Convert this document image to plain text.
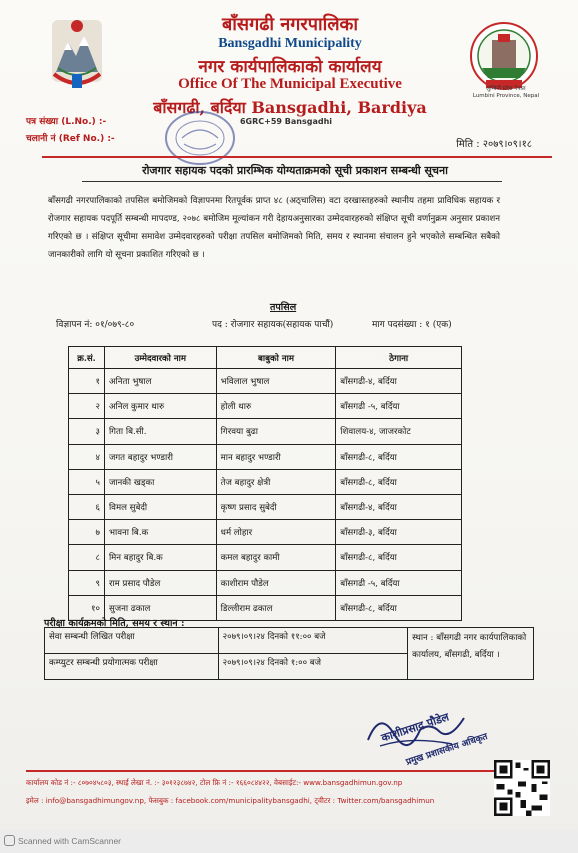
बाँसगढी नगरपालिका
Bansgadhi Municipality
नगर कार्यपालिकाको कार्यालय
Office Of The Municipal Executive
बाँसगढी, बर्दिया Bansgadhi, Bardiya
6GRC+59 Bansgadhi
लुम्बिनी प्रदेश नेपाल
Lumbini Province, Nepal
पत्र संख्या (L.No.) :-
चलानी नं (Ref No.) :-	मिति : २०७९।०९।१८
रोजगार सहायक पदको प्रारम्भिक योग्यताक्रमको सूची प्रकाशन सम्बन्धी सूचना
बाँसगढी नगरपालिकाको तपसिल बमोजिमको विज्ञापनमा रितपूर्वक प्राप्त ४८ (अठ्चालिस) वटा दरखास्तहरुको स्थानीय तहमा प्राविधिक सहायक र रोजगार सहायक पदपूर्ति सम्बन्धी मापदण्ड, २०७८ बमोजिम मूल्यांकन गरी देहायअनुसारका उम्मेदवारहरुको संक्षिप्त सूची वर्णानुक्रम अनुसार प्रकाशन गरिएको छ । संक्षिप्त सूचीमा समावेश उम्मेदवारहरुको परीक्षा तपसिल बमोजिमको मिति, समय र स्थानमा संचालन हुने भएकोले सम्बन्धित सबैको जानकारीको लागि यो सूचना प्रकाशित गरिएको छ ।
तपसिल
विज्ञापन नं: ०१/०७९-८०	पद : रोजगार सहायक(सहायक पाचौं)	माग पदसंख्या : १ (एक)
क्र.सं.	उम्मेदवारको नाम	बाबुको नाम	ठेगाना
१	अनिता भुषाल	भविलाल भुषाल	बाँसगढी-४, बर्दिया
२	अनिल कुमार थारु	होली थारु	बाँसगढी -५, बर्दिया
३	गिता बि.सी.	गिरवया बुढा	शिवालय-४, जाजरकोट
४	जगत बहादुर भण्डारी	मान बहादुर भण्डारी	बाँसगढी-८, बर्दिया
५	जानकी खड्का	तेज बहादुर क्षेत्री	बाँसगढी-८, बर्दिया
६	विमल सुबेदी	कृष्ण प्रसाद सुबेदी	बाँसगढी-४, बर्दिया
७	भावना बि.क	धर्म लोहार	बाँसगढी-३, बर्दिया
८	मिन बहादुर बि.क	कमल बहादुर कामी	बाँसगढी-८, बर्दिया
९	राम प्रसाद पौडेल	काशीराम पौडेल	बाँसगढी -५, बर्दिया
१०	सुजना ढकाल	डिल्लीराम ढकाल	बाँसगढी-८, बर्दिया
परीक्षा कार्यक्रमको मिति, समय र स्थान :
सेवा सम्बन्धी लिखित परीक्षा	२०७९।०९।२४ दिनको ११:०० बजे	स्थान : बाँसगढी नगर कार्यपालिकाको कार्यालय, बाँसगढी, बर्दिया ।
कम्प्युटर सम्बन्धी प्रयोगात्मक परीक्षा	२०७९।०९।२४ दिनको १:०० बजे	
काशीप्रसाद पौडेल
प्रमुख प्रशासकीय अधिकृत
कार्यालय कोड नं :- ८०७०४५८०३, स्थाई लेखा नं. :- ३०१२३८७४२, टोल फ्रि नं :- १६६०८४४२२, वेबसाईट:- www.bansgadhimun.gov.np
इमेल : info@bansgadhimungov.np, फेसबुक : facebook.com/municipalitybansgadhi, ट्वीटर : Twitter.com/bansgadhimun
Scanned with CamScanner
